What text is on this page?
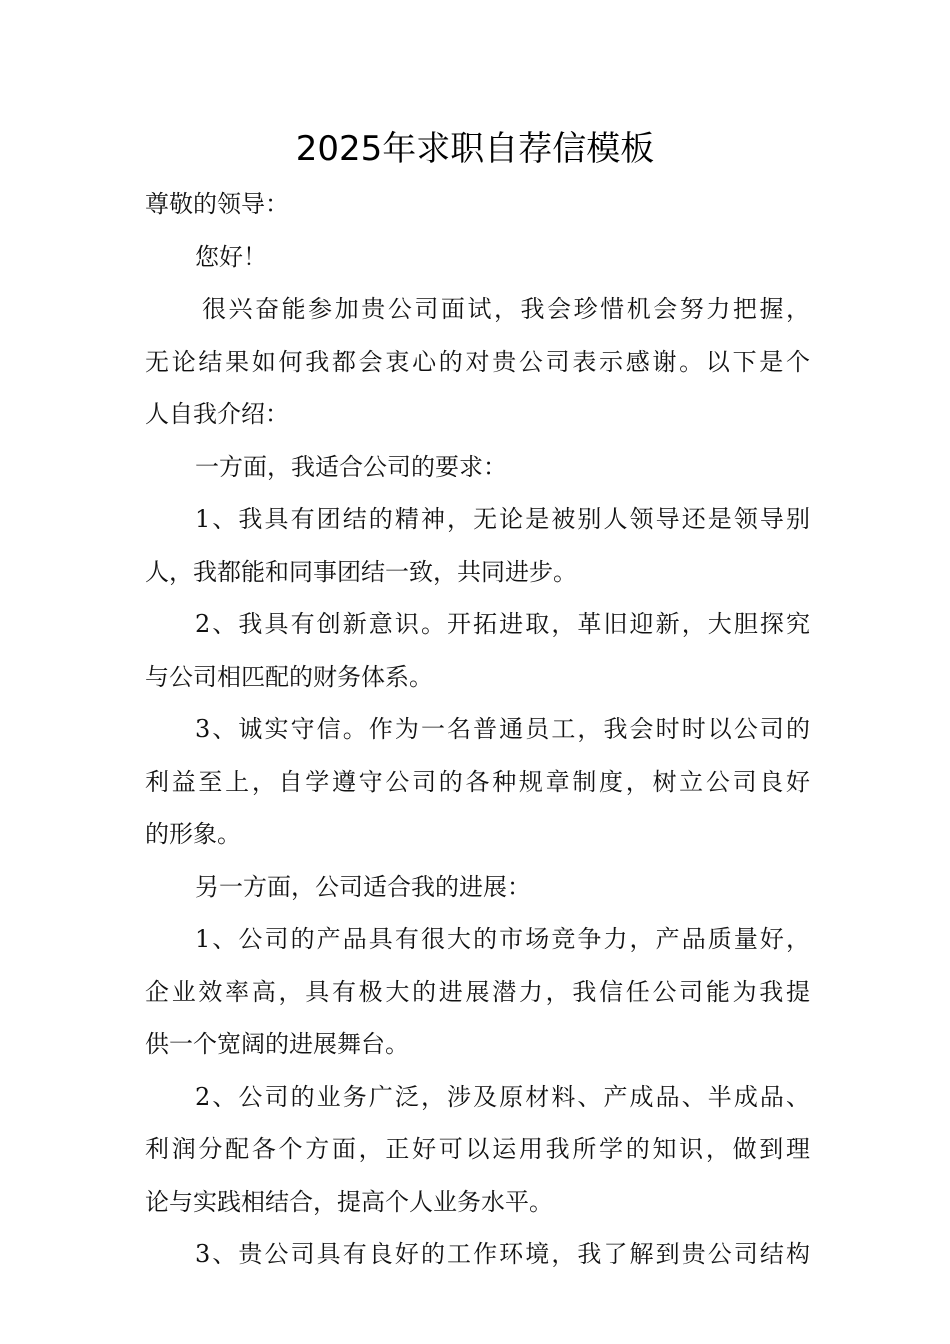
2025年求职自荐信模板
尊敬的领导：
您好！
很兴奋能参加贵公司面试，我会珍惜机会努力把握，
无论结果如何我都会衷心的对贵公司表示感谢。以下是个
人自我介绍：
一方面，我适合公司的要求：
1、我具有团结的精神，无论是被别人领导还是领导别
人，我都能和同事团结一致，共同进步。
2、我具有创新意识。开拓进取，革旧迎新，大胆探究
与公司相匹配的财务体系。
3、诚实守信。作为一名普通员工，我会时时以公司的
利益至上，自学遵守公司的各种规章制度，树立公司良好
的形象。
另一方面，公司适合我的进展：
1、公司的产品具有很大的市场竞争力，产品质量好，
企业效率高，具有极大的进展潜力，我信任公司能为我提
供一个宽阔的进展舞台。
2、公司的业务广泛，涉及原材料、产成品、半成品、
利润分配各个方面，正好可以运用我所学的知识，做到理
论与实践相结合，提高个人业务水平。
3、贵公司具有良好的工作环境，我了解到贵公司结构
